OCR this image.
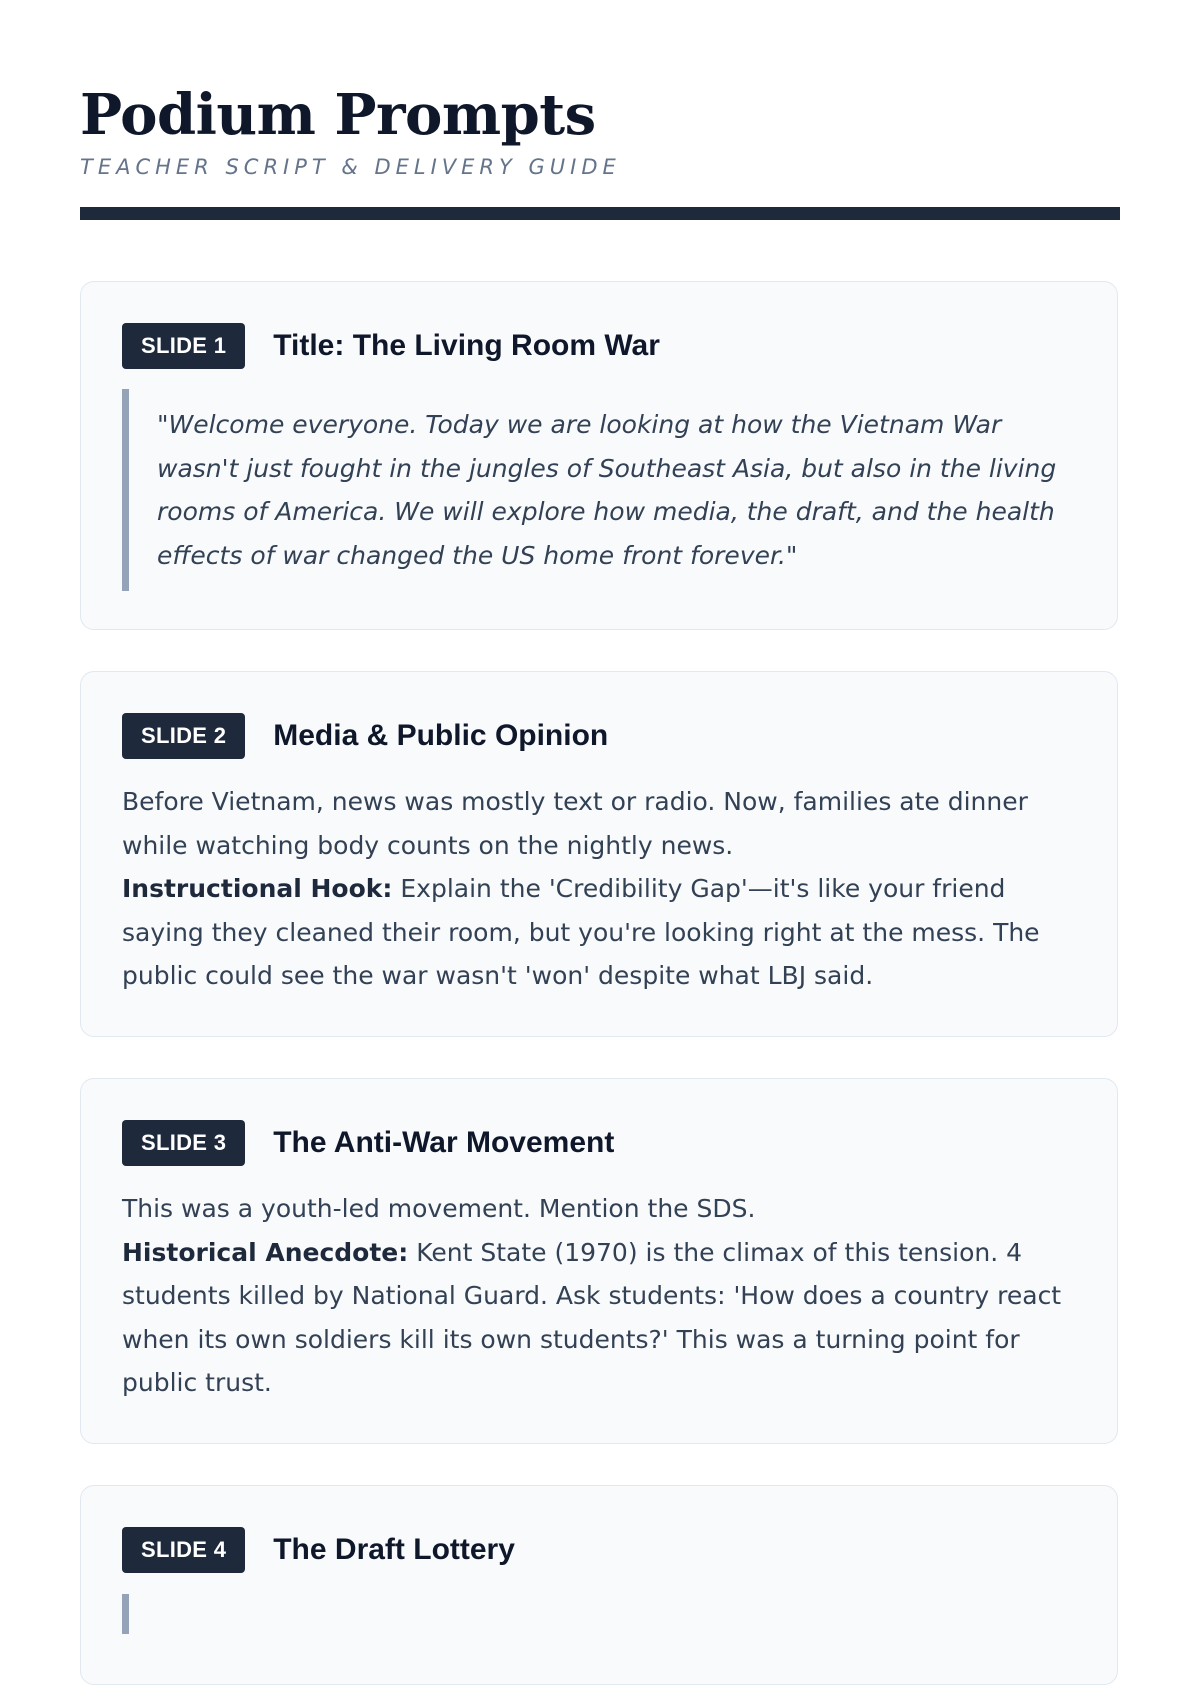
Podium Prompts
TEACHER SCRIPT & DELIVERY GUIDE
SLIDE 1	Title: The Living Room War
"Welcome everyone. Today we are looking at how the Vietnam War wasn't just fought in the jungles of Southeast Asia, but also in the living rooms of America. We will explore how media, the draft, and the health effects of war changed the US home front forever."
SLIDE 2	Media & Public Opinion
Before Vietnam, news was mostly text or radio. Now, families ate dinner while watching body counts on the nightly news.
Instructional Hook: Explain the 'Credibility Gap'—it's like your friend saying they cleaned their room, but you're looking right at the mess. The public could see the war wasn't 'won' despite what LBJ said.
SLIDE 3	The Anti-War Movement
This was a youth-led movement. Mention the SDS.
Historical Anecdote: Kent State (1970) is the climax of this tension. 4 students killed by National Guard. Ask students: 'How does a country react when its own soldiers kill its own students?' This was a turning point for public trust.
SLIDE 4	The Draft Lottery
